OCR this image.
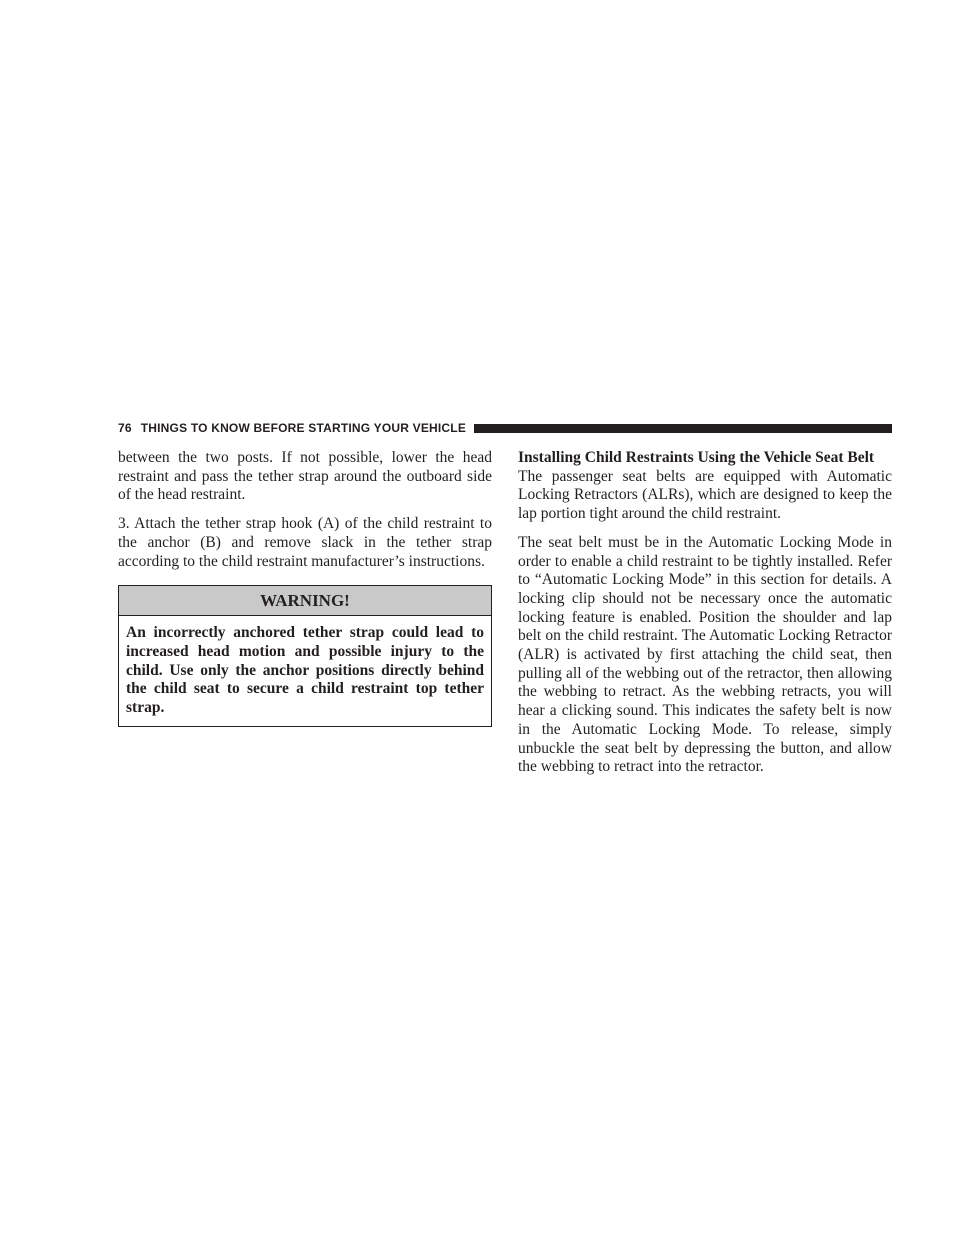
76 THINGS TO KNOW BEFORE STARTING YOUR VEHICLE

between the two posts. If not possible, lower the head restraint and pass the tether strap around the outboard side of the head restraint.

3. Attach the tether strap hook (A) of the child restraint to the anchor (B) and remove slack in the tether strap according to the child restraint manufacturer’s instructions.

WARNING!
An incorrectly anchored tether strap could lead to increased head motion and possible injury to the child. Use only the anchor positions directly behind the child seat to secure a child restraint top tether strap.
Installing Child Restraints Using the Vehicle Seat Belt

The passenger seat belts are equipped with Automatic Locking Retractors (ALRs), which are designed to keep the lap portion tight around the child restraint.

The seat belt must be in the Automatic Locking Mode in order to enable a child restraint to be tightly installed. Refer to “Automatic Locking Mode” in this section for details. A locking clip should not be necessary once the automatic locking feature is enabled. Position the shoulder and lap belt on the child restraint. The Automatic Locking Retractor (ALR) is activated by first attaching the child seat, then pulling all of the webbing out of the retractor, then allowing the webbing to retract. As the webbing retracts, you will hear a clicking sound. This indicates the safety belt is now in the Automatic Locking Mode. To release, simply unbuckle the seat belt by depressing the button, and allow the webbing to retract into the retractor.
